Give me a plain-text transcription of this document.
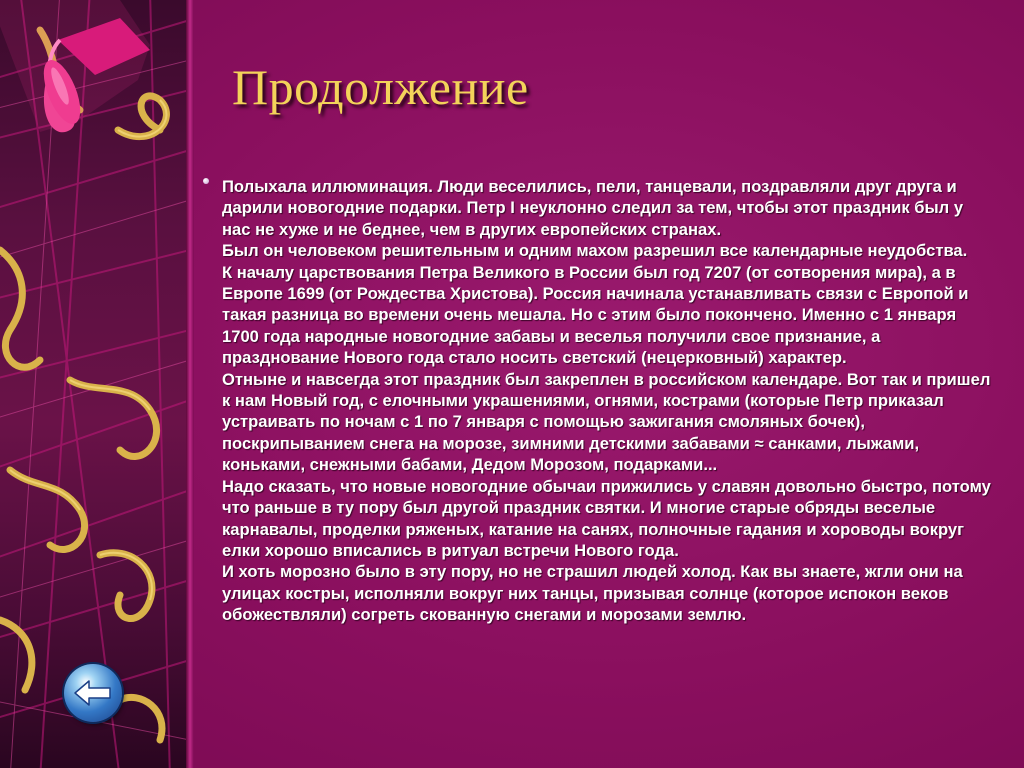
Продолжение
Полыхала иллюминация. Люди веселились, пели, танцевали, поздравляли друг друга и дарили новогодние подарки. Петр I неуклонно следил за тем, чтобы этот праздник был у нас не хуже и не беднее, чем в других европейских странах.
Был он человеком решительным и одним махом разрешил все календарные неудобства.
К началу царствования Петра Великого в России был год 7207 (от сотворения мира), а в Европе 1699 (от Рождества Христова). Россия начинала устанавливать связи с Европой и такая разница во времени очень мешала. Но с этим было покончено. Именно с 1 января 1700 года народные новогодние забавы и веселья получили свое признание, а празднование Нового года стало носить светский (нецерковный) характер.
Отныне и навсегда этот праздник был закреплен в российском календаре. Вот так и пришел к нам Новый год, с елочными украшениями, огнями, кострами (которые Петр приказал устраивать по ночам с 1 по 7 января с помощью зажигания смоляных бочек), поскрипыванием снега на морозе, зимними детскими забавами ≈ санками, лыжами, коньками, снежными бабами, Дедом Морозом, подарками...
Надо сказать, что новые новогодние обычаи прижились у славян довольно быстро, потому что раньше в ту пору был другой праздник святки. И многие старые обряды веселые карнавалы, проделки ряженых, катание на санях, полночные гадания и хороводы вокруг елки хорошо вписались в ритуал встречи Нового года.
И хоть морозно было в эту пору, но не страшил людей холод. Как вы знаете, жгли они на улицах костры, исполняли вокруг них танцы, призывая солнце (которое испокон веков обожествляли) согреть скованную снегами и морозами землю.
